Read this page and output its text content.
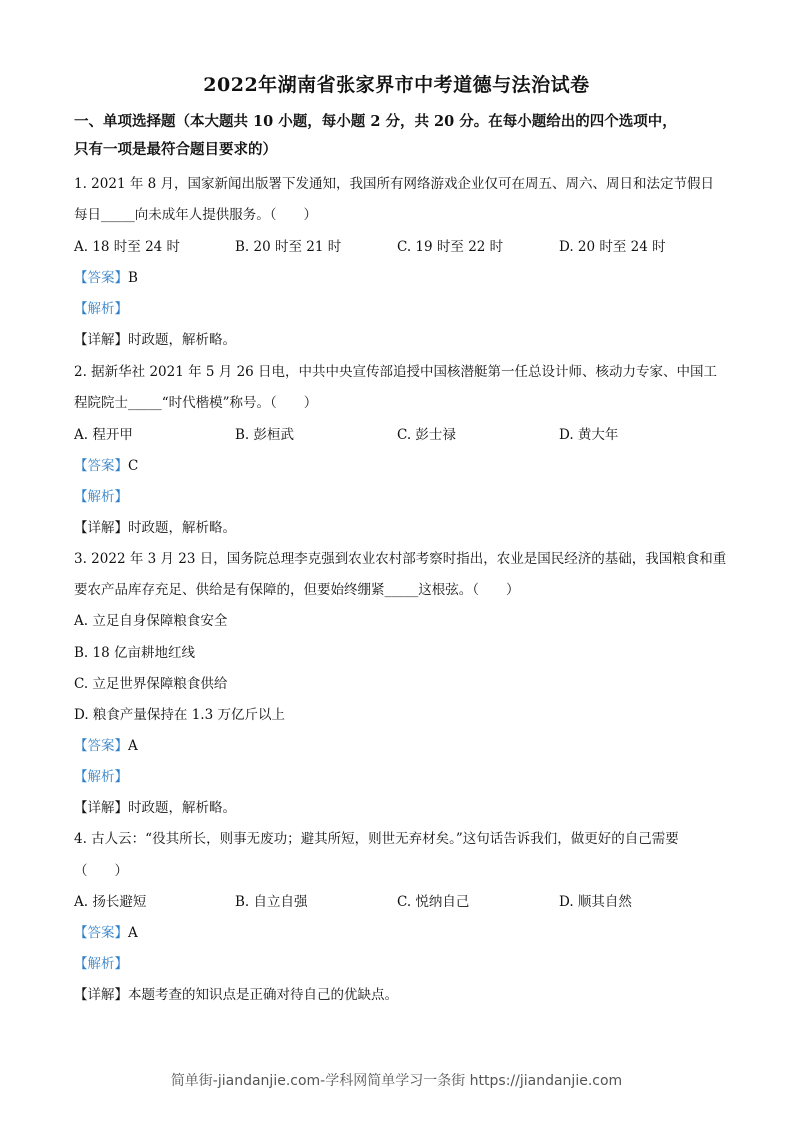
2022年湖南省张家界市中考道德与法治试卷
一、单项选择题（本大题共 10 小题，每小题 2 分，共 20 分。在每小题给出的四个选项中，
只有一项是最符合题目要求的）
1. 2021 年 8 月，国家新闻出版署下发通知，我国所有网络游戏企业仅可在周五、周六、周日和法定节假日
每日_____向未成年人提供服务。（　　）
A. 18 时至 24 时	B. 20 时至 21 时	C. 19 时至 22 时	D. 20 时至 24 时
【答案】B
【解析】
【详解】时政题，解析略。
2. 据新华社 2021 年 5 月 26 日电，中共中央宣传部追授中国核潜艇第一任总设计师、核动力专家、中国工
程院院士_____“时代楷模”称号。（　　）
A. 程开甲	B. 彭桓武	C. 彭士禄	D. 黄大年
【答案】C
【解析】
【详解】时政题，解析略。
3. 2022 年 3 月 23 日，国务院总理李克强到农业农村部考察时指出，农业是国民经济的基础，我国粮食和重
要农产品库存充足、供给是有保障的，但要始终绷紧_____这根弦。（　　）
A. 立足自身保障粮食安全
B. 18 亿亩耕地红线
C. 立足世界保障粮食供给
D. 粮食产量保持在 1.3 万亿斤以上
【答案】A
【解析】
【详解】时政题，解析略。
4. 古人云：“役其所长，则事无废功；避其所短，则世无弃材矣。”这句话告诉我们，做更好的自己需要
（　　）
A. 扬长避短	B. 自立自强	C. 悦纳自己	D. 顺其自然
【答案】A
【解析】
【详解】本题考查的知识点是正确对待自己的优缺点。
简单街-jiandanjie.com-学科网简单学习一条街 https://jiandanjie.com
